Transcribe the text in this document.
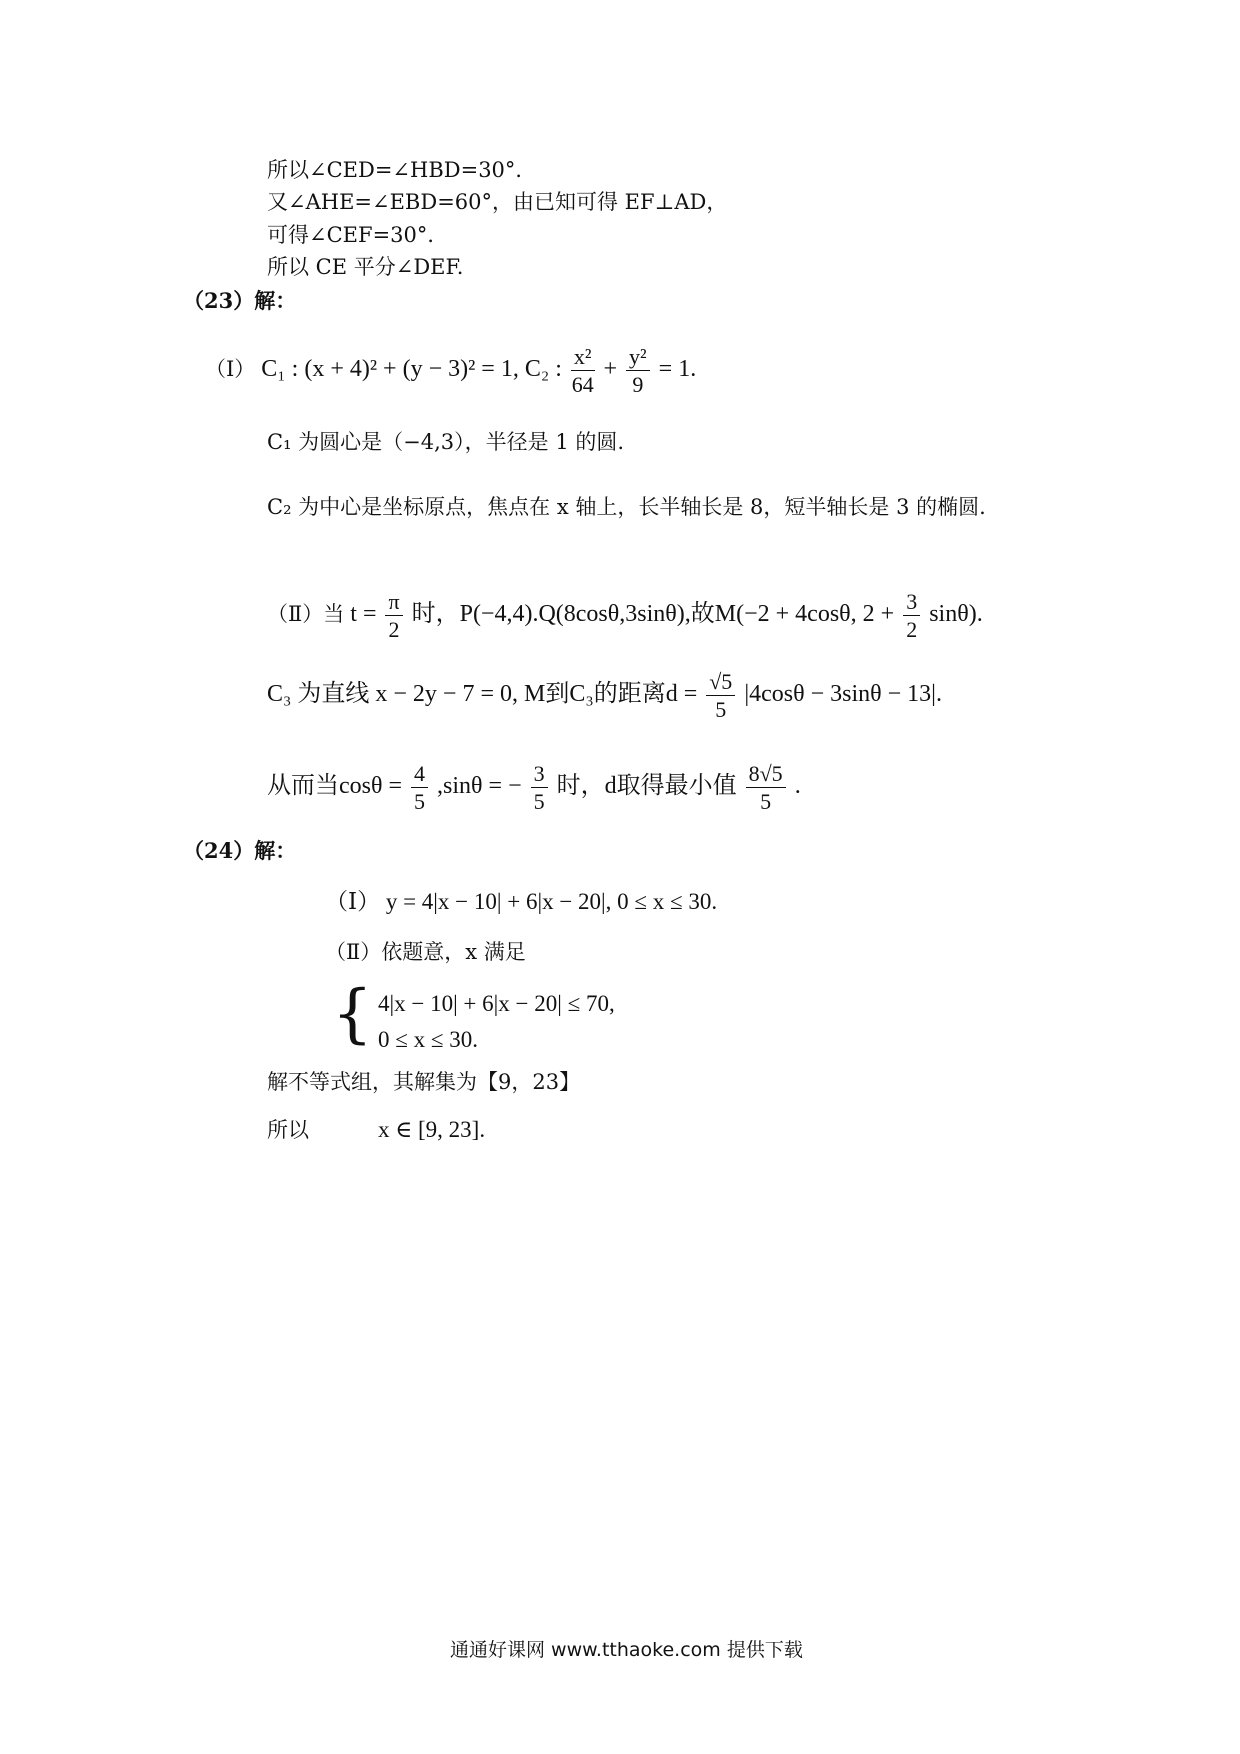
所以∠CED=∠HBD=30°．
又∠AHE=∠EBD=60°，由已知可得 EF⊥AD，
可得∠CEF=30°．
所以 CE 平分∠DEF.
（23）解：
（Ⅰ） C₁ : (x + 4)² + (y − 3)² = 1, C₂ : $\frac{\text{x²}}{64} + \frac{\text{y²}}{9} = 1$.
C₁ 为圆心是（−4,3），半径是 1 的圆.
C₂ 为中心是坐标原点，焦点在 x 轴上，长半轴长是 8，短半轴长是 3 的椭圆.
（Ⅱ）当 $t = \frac{\pi}{2}$ 时，P(−4,4).Q(8cosθ,3sinθ),故M(−2 + 4cosθ, $2 + \frac{3}{2} \sin\theta$).
C₃ 为直线 x − 2y − 7 = 0, M到C₃的距离$d = \frac{√5}{5} |4\cos\theta - 3\sin\theta - 13|$.
从而当$\cos\theta = \frac{4}{5} ,\sin\theta$ = − $\frac{3}{5}$ 时，d取得最小值 $\frac{8√5}{5}$ .
（24）解：
（Ⅰ） y = 4|x − 10| + 6|x − 20|, 0 ≤ x ≤ 30.
（Ⅱ）依题意，x 满足
{ 4|x − 10| + 6|x − 20| ≤ 70,
0 ≤ x ≤ 30.
解不等式组，其解集为【9，23】
所以	x ∈ [9, 23].
通通好课网 www.tthaoke.com 提供下载
